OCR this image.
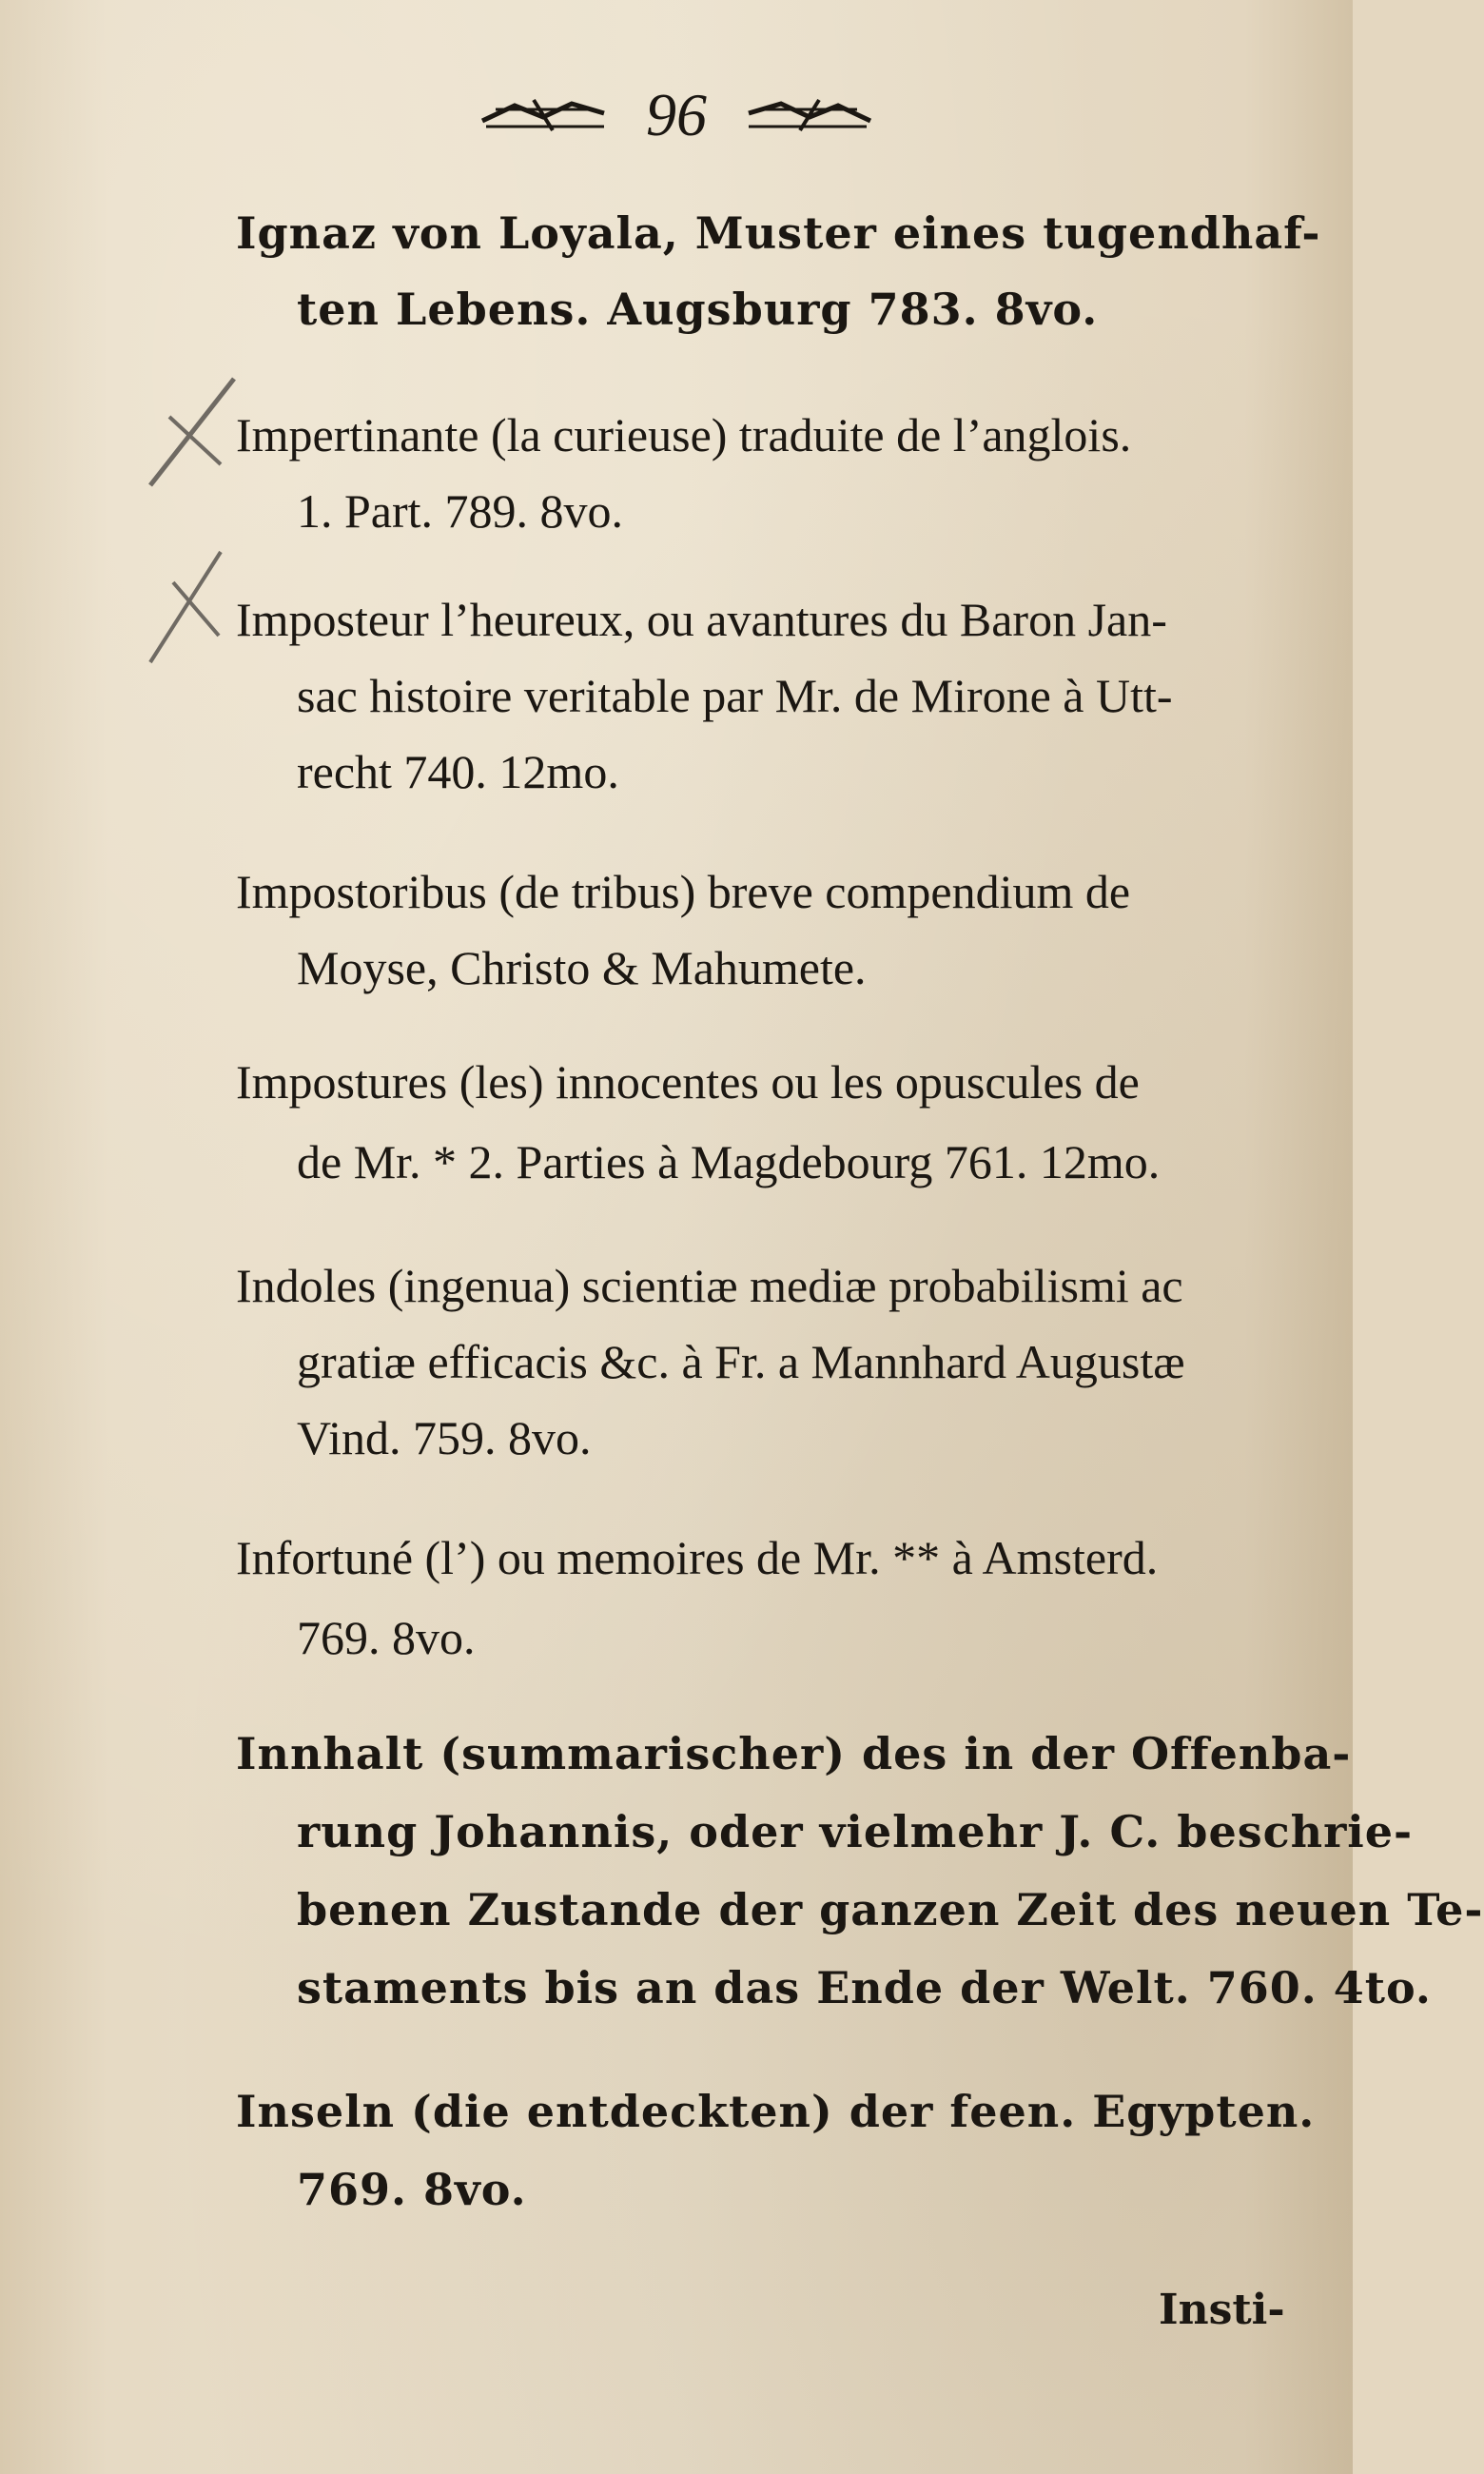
96
Ignaz von Loyala, Muster eines tugendhaf-
ten Lebens. Augsburg 783. 8vo.
Impertinante (la curieuse) traduite de l’anglois.
1. Part. 789. 8vo.
Imposteur l’heureux, ou avantures du Baron Jan-
sac histoire veritable par Mr. de Mirone à Utt-
recht 740. 12mo.
Impostoribus (de tribus) breve compendium de
Moyse, Christo & Mahumete.
Impostures (les) innocentes ou les opuscules de
de Mr. * 2. Parties à Magdebourg 761. 12mo.
Indoles (ingenua) scientiæ mediæ probabilismi ac
gratiæ efficacis &c. à Fr. a Mannhard Augustæ
Vind. 759. 8vo.
Infortuné (l’) ou memoires de Mr. ** à Amsterd.
769. 8vo.
Innhalt (summarischer) des in der Offenba-
rung Johannis, oder vielmehr J. C. beschrie-
benen Zustande der ganzen Zeit des neuen Te-
staments bis an das Ende der Welt. 760. 4to.
Inseln (die entdeckten) der feen. Egypten.
769. 8vo.
Insti-
